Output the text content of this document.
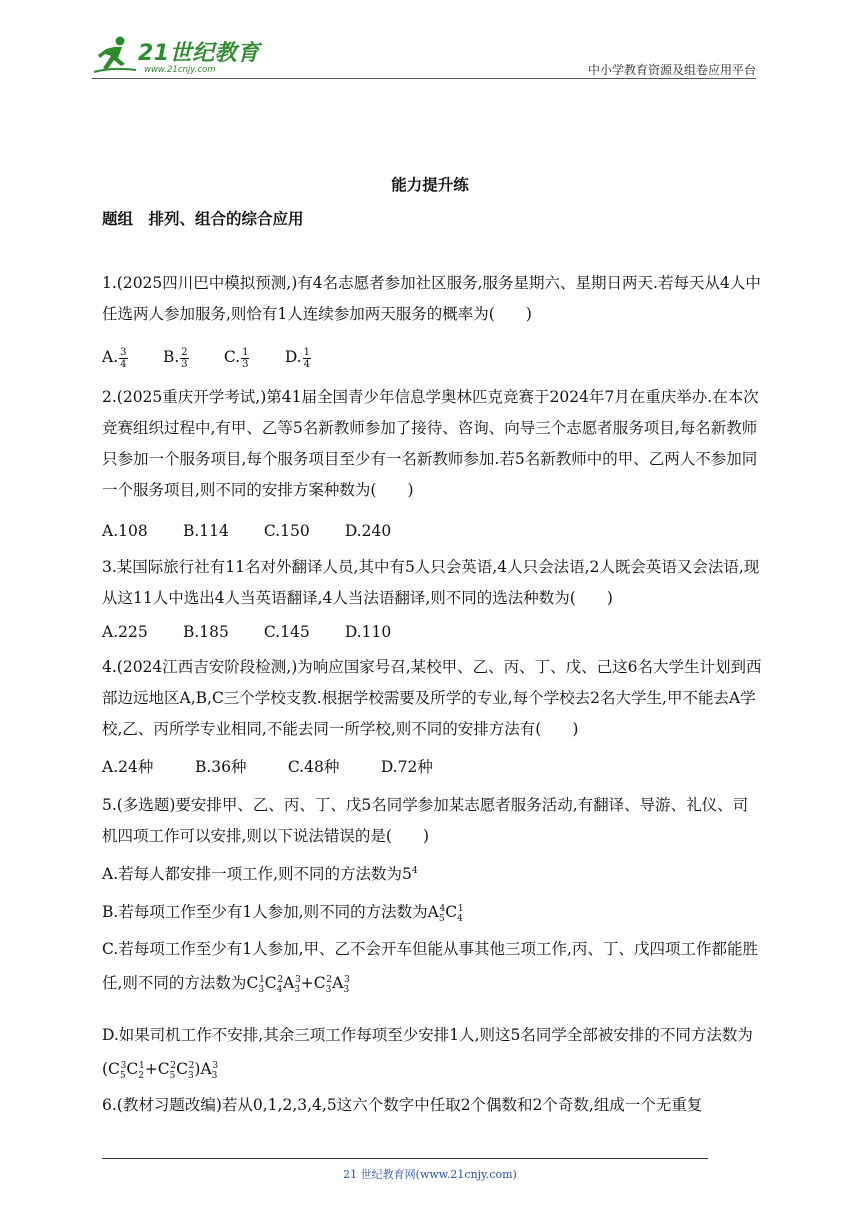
21世纪教育
www.21cnjy.com	中小学教育资源及组卷应用平台
能力提升练
题组　排列、组合的综合应用
1.(2025四川巴中模拟预测,)有4名志愿者参加社区服务,服务星期六、星期日两天.若每天从4人中任选两人参加服务,则恰有1人连续参加两天服务的概率为(　　)
A. $\frac{3}{4} B$. $\frac{2}{3} C$. $\frac{1}{3} D$. $\frac{1}{4}$
2.(2025重庆开学考试,)第41届全国青少年信息学奥林匹克竞赛于2024年7月在重庆举办.在本次竞赛组织过程中,有甲、乙等5名新教师参加了接待、咨询、向导三个志愿者服务项目,每名新教师只参加一个服务项目,每个服务项目至少有一名新教师参加.若5名新教师中的甲、乙两人不参加同一个服务项目,则不同的安排方案种数为(　　)
A.108 B.114 C.150 D.240
3.某国际旅行社有11名对外翻译人员,其中有5人只会英语,4人只会法语,2人既会英语又会法语,现从这11人中选出4人当英语翻译,4人当法语翻译,则不同的选法种数为(　　)
A.225 B.185 C.145 D.110
4.(2024江西吉安阶段检测,)为响应国家号召,某校甲、乙、丙、丁、戊、己这6名大学生计划到西部边远地区A,B,C三个学校支教.根据学校需要及所学的专业,每个学校去2名大学生,甲不能去A学校,乙、丙所学专业相同,不能去同一所学校,则不同的安排方法有(　　)
A.24种	B.36种	C.48种	D.72种
5.(多选题)要安排甲、乙、丙、丁、戊5名同学参加某志愿者服务活动,有翻译、导游、礼仪、司机四项工作可以安排,则以下说法错误的是(　　)
A.若每人都安排一项工作,则不同的方法数为$5^4$
B.若每项工作至少有1人参加,则不同的方法数为$A_5^4C_4^1$
C.若每项工作至少有1人参加,甲、乙不会开车但能从事其他三项工作,丙、丁、戊四项工作都能胜任,则不同的方法数为$C_3^1C_4^2A_3^3+C_3^2A_3^3$
D.如果司机工作不安排,其余三项工作每项至少安排1人,则这5名同学全部被安排的不同方法数为$(C_5^3C_2^1+C_5^2C_3^2)A_3^3$
6.(教材习题改编)若从0,1,2,3,4,5这六个数字中任取2个偶数和2个奇数,组成一个无重复
21 世纪教育网(www.21cnjy.com)
